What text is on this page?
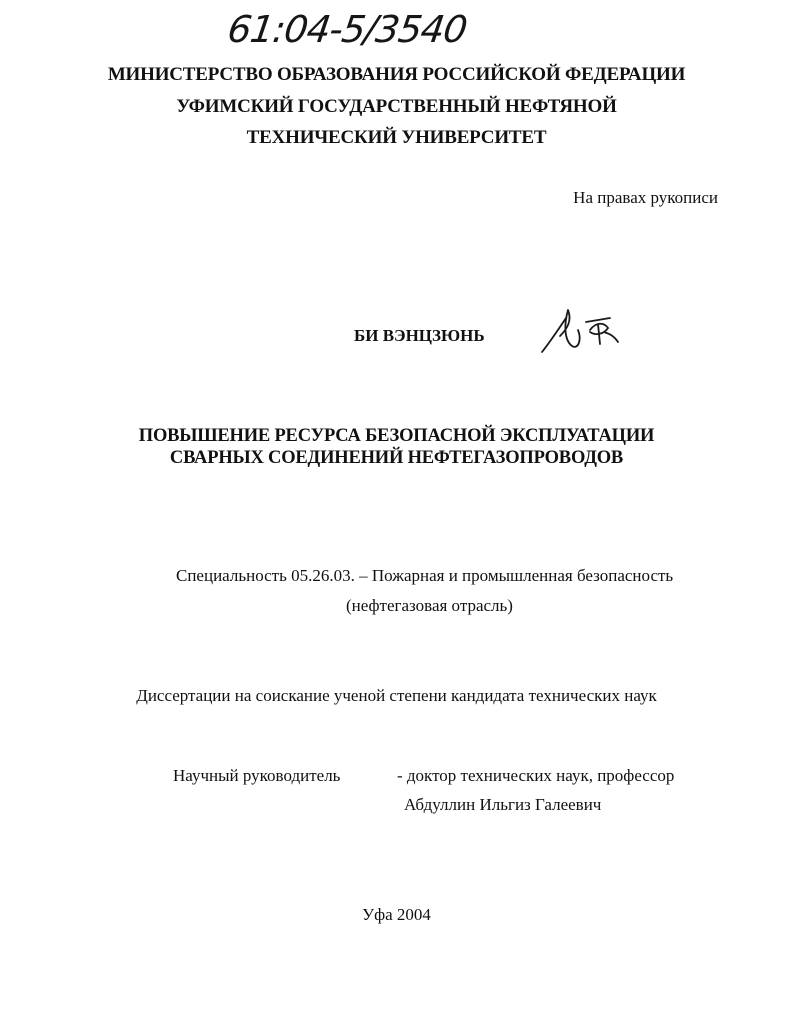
61:04-5/3540
МИНИСТЕРСТВО ОБРАЗОВАНИЯ РОССИЙСКОЙ ФЕДЕРАЦИИ
УФИМСКИЙ ГОСУДАРСТВЕННЫЙ НЕФТЯНОЙ
ТЕХНИЧЕСКИЙ УНИВЕРСИТЕТ
На правах рукописи
БИ ВЭНЦЗЮНЬ
ПОВЫШЕНИЕ РЕСУРСА БЕЗОПАСНОЙ ЭКСПЛУАТАЦИИ
СВАРНЫХ СОЕДИНЕНИЙ НЕФТЕГАЗОПРОВОДОВ
Специальность 05.26.03. – Пожарная и промышленная безопасность
(нефтегазовая отрасль)
Диссертации на соискание ученой степени кандидата технических наук
Научный руководитель	- доктор технических наук, профессор
Абдуллин Ильгиз Галеевич
Уфа 2004
